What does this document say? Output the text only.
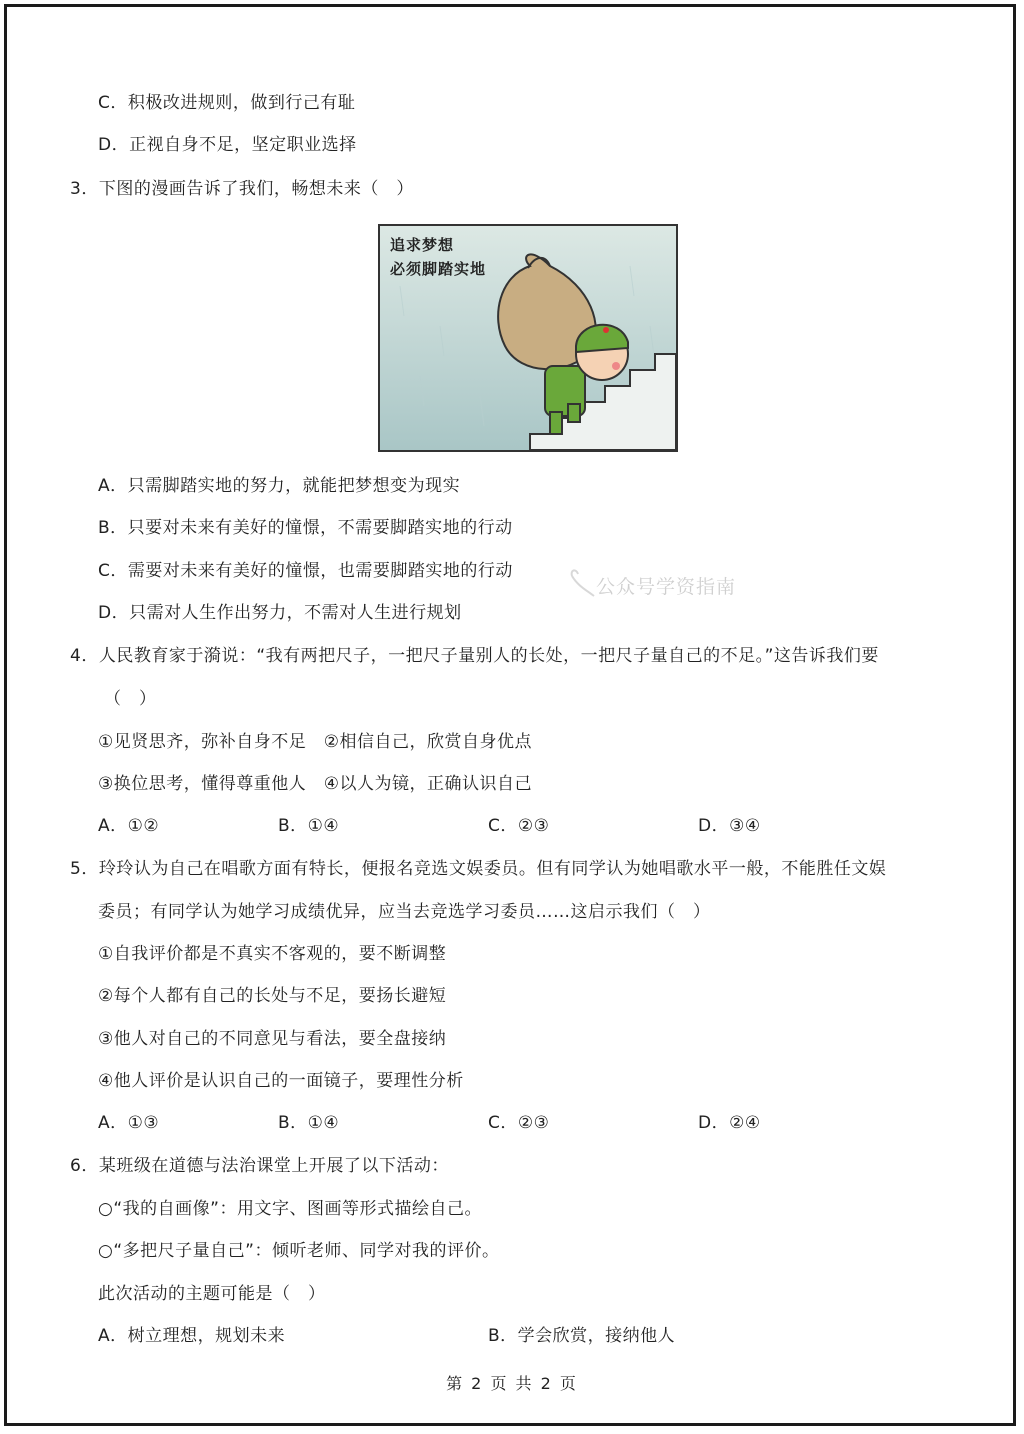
C．积极改进规则，做到行己有耻
D．正视自身不足，坚定职业选择
3．下图的漫画告诉了我们，畅想未来（　）
追求梦想
必须脚踏实地
A．只需脚踏实地的努力，就能把梦想变为现实
B．只要对未来有美好的憧憬，不需要脚踏实地的行动
C．需要对未来有美好的憧憬，也需要脚踏实地的行动
D．只需对人生作出努力，不需对人生进行规划
公众号学资指南
4．人民教育家于漪说：“我有两把尺子，一把尺子量别人的长处，一把尺子量自己的不足。”这告诉我们要
（　）
①见贤思齐，弥补自身不足　②相信自己，欣赏自身优点
③换位思考，懂得尊重他人　④以人为镜，正确认识自己
A．①②	B．①④	C．②③	D．③④
5．玲玲认为自己在唱歌方面有特长，便报名竞选文娱委员。但有同学认为她唱歌水平一般，不能胜任文娱
委员；有同学认为她学习成绩优异，应当去竞选学习委员……这启示我们（　）
①自我评价都是不真实不客观的，要不断调整
②每个人都有自己的长处与不足，要扬长避短
③他人对自己的不同意见与看法，要全盘接纳
④他人评价是认识自己的一面镜子，要理性分析
A．①③	B．①④	C．②③	D．②④
6．某班级在道德与法治课堂上开展了以下活动：
○“我的自画像”：用文字、图画等形式描绘自己。
○“多把尺子量自己”：倾听老师、同学对我的评价。
此次活动的主题可能是（　）
A．树立理想，规划未来	B．学会欣赏，接纳他人
第 2 页 共 2 页
